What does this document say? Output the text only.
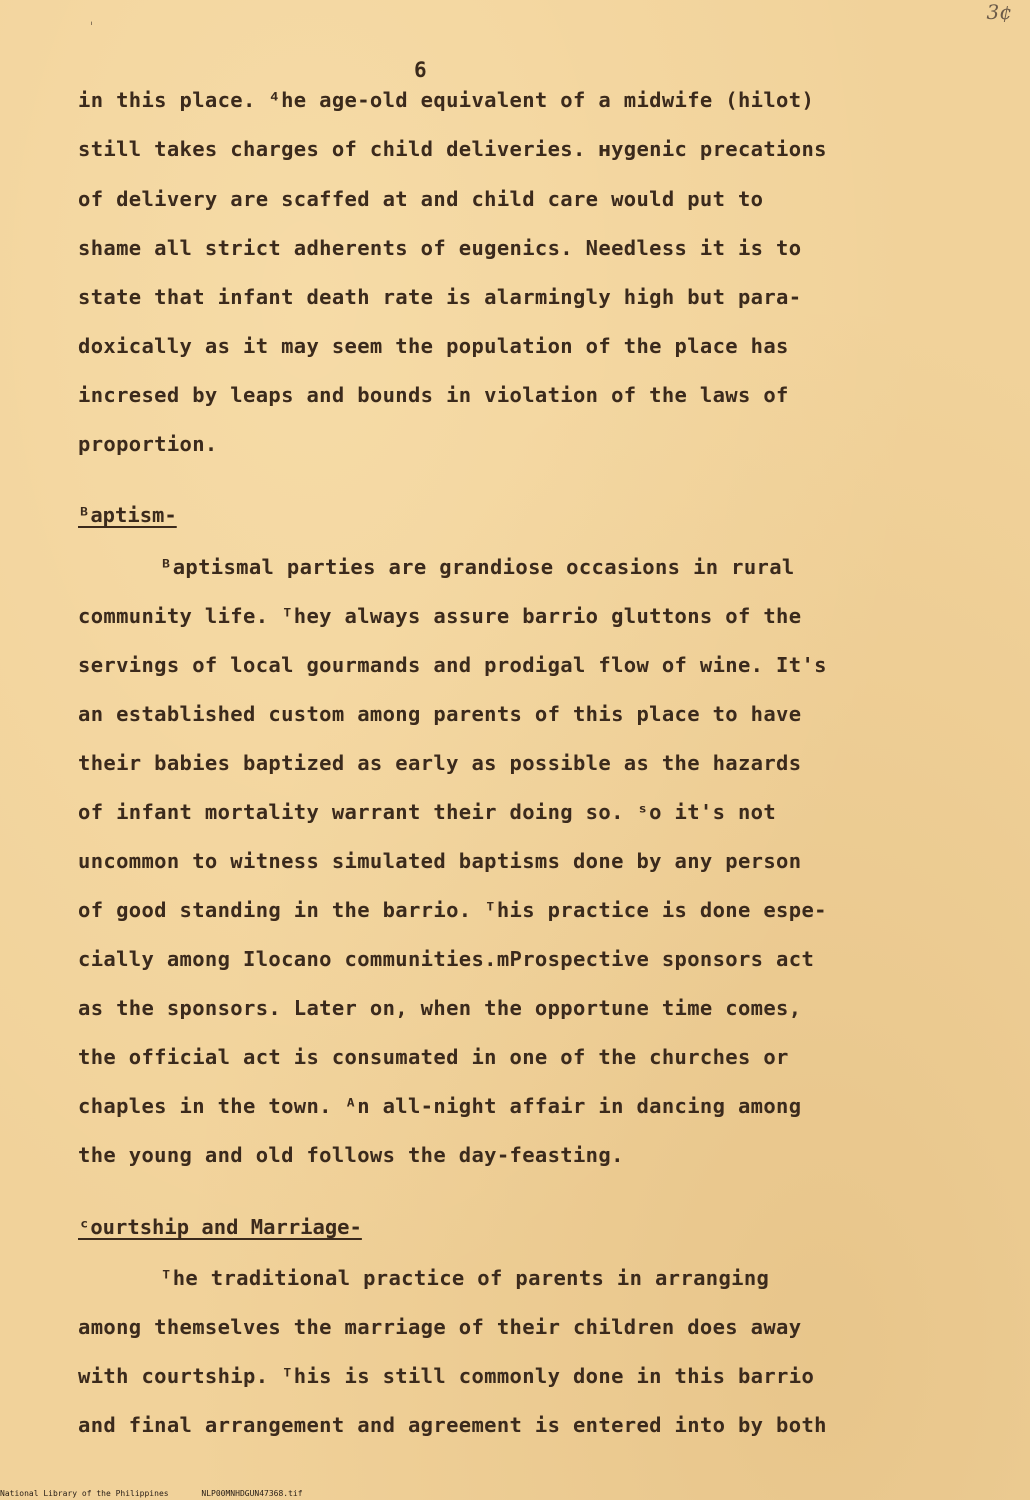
ˌ	3¢
6
in this place. ⁴he age-old equivalent of a midwife (hilot)
still takes charges of child deliveries. ʜygenic precations
of delivery are scaffed at and child care would put to
shame all strict adherents of eugenics. Needless it is to
state that infant death rate is alarmingly high but para-
doxically as it may seem the population of the place has
incresed by leaps and bounds in violation of the laws of
proportion.
ᴮaptism-
ᴮaptismal parties are grandiose occasions in rural
community life. ᵀhey always assure barrio gluttons of the
servings of local gourmands and prodigal flow of wine. It's
an established custom among parents of this place to have
their babies baptized as early as possible as the hazards
of infant mortality warrant their doing so. ˢo it's not
uncommon to witness simulated baptisms done by any person
of good standing in the barrio. ᵀhis practice is done espe-
cially among Ilocano communities.mProspective sponsors act
as the sponsors. Later on, when the opportune time comes,
the official act is consumated in one of the churches or
chaples in the town. ᴬn all-night affair in dancing among
the young and old follows the day-feasting.
ᶜourtship and Marriage-
ᵀhe traditional practice of parents in arranging
among themselves the marriage of their children does away
with courtship. ᵀhis is still commonly done in this barrio
and final arrangement and agreement is entered into by both
National Library of the Philippines	NLP00MNHDGUN47368.tif
